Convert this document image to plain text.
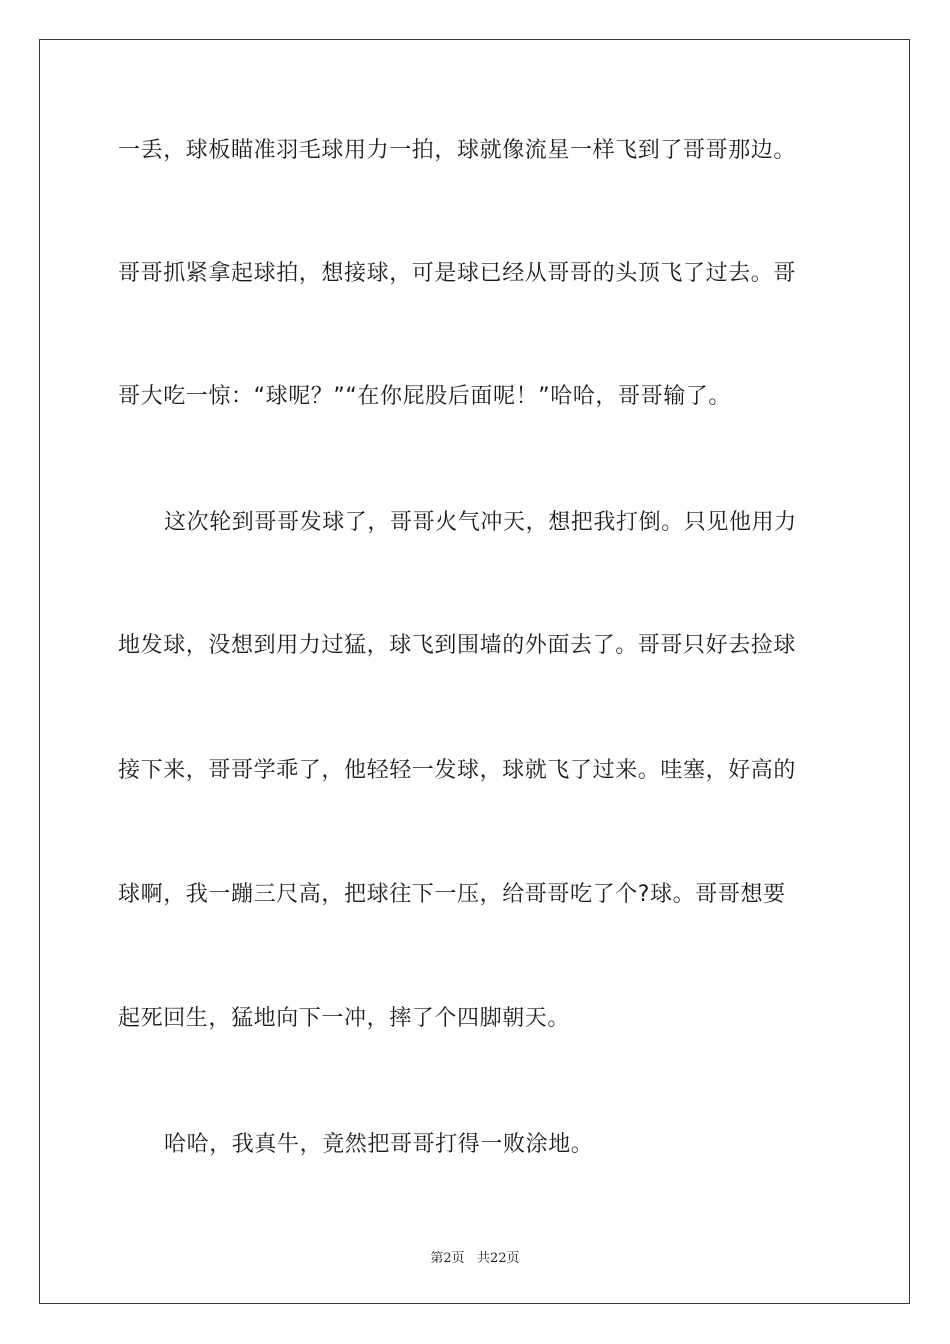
一丢，球板瞄准羽毛球用力一拍，球就像流星一样飞到了哥哥那边。
哥哥抓紧拿起球拍，想接球，可是球已经从哥哥的头顶飞了过去。哥
哥大吃一惊：“球呢？”“在你屁股后面呢！”哈哈，哥哥输了。
这次轮到哥哥发球了，哥哥火气冲天，想把我打倒。只见他用力
地发球，没想到用力过猛，球飞到围墙的外面去了。哥哥只好去捡球
接下来，哥哥学乖了，他轻轻一发球，球就飞了过来。哇塞，好高的
球啊，我一蹦三尺高，把球往下一压，给哥哥吃了个?球。哥哥想要
起死回生，猛地向下一冲，摔了个四脚朝天。
哈哈，我真牛，竟然把哥哥打得一败涂地。
第2页   共22页
